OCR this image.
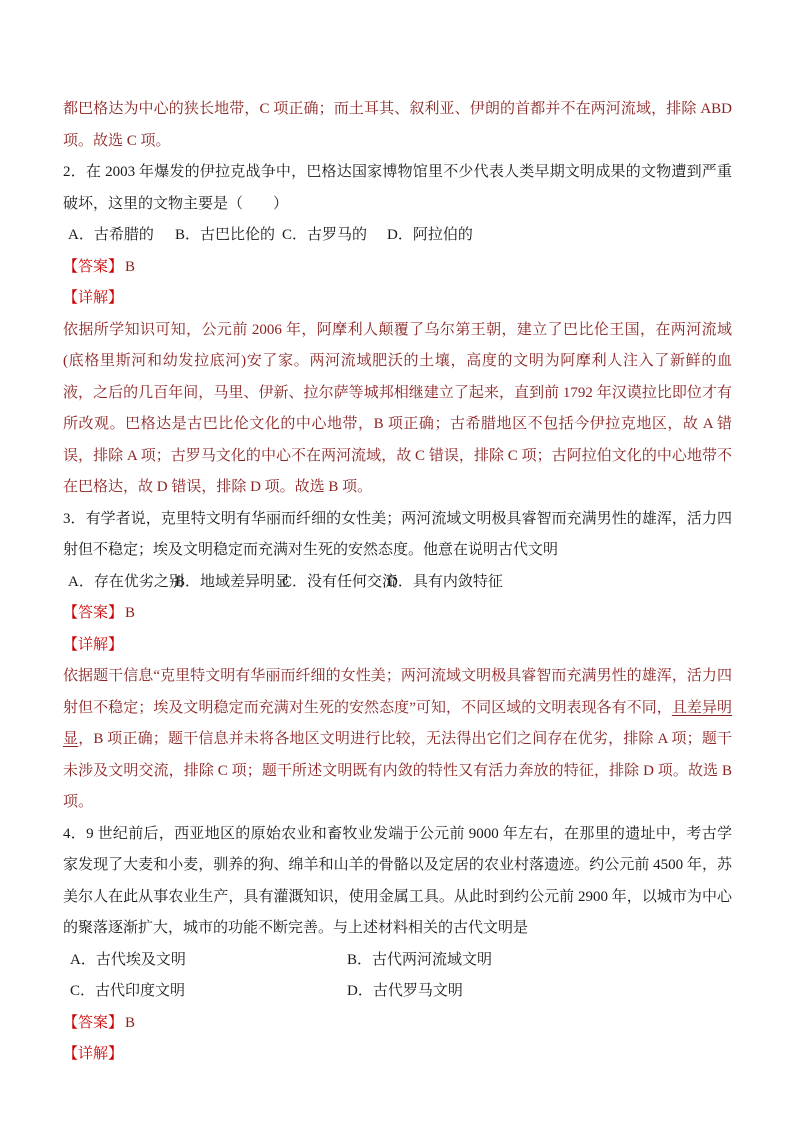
都巴格达为中心的狭长地带，C 项正确；而土耳其、叙利亚、伊朗的首都并不在两河流域，排除 ABD 项。故选 C 项。

2．在 2003 年爆发的伊拉克战争中，巴格达国家博物馆里不少代表人类早期文明成果的文物遭到严重破坏，这里的文物主要是（　　）

A．古希腊的	B．古巴比伦的 C．古罗马的	D．阿拉伯的

【答案】 B

【详解】

依据所学知识可知，公元前 2006 年，阿摩利人颠覆了乌尔第王朝，建立了巴比伦王国，在两河流域(底格里斯河和幼发拉底河)安了家。两河流域肥沃的土壤，高度的文明为阿摩利人注入了新鲜的血液，之后的几百年间，马里、伊新、拉尔萨等城邦相继建立了起来，直到前 1792 年汉谟拉比即位才有所改观。巴格达是古巴比伦文化的中心地带，B 项正确；古希腊地区不包括今伊拉克地区，故 A 错误，排除 A 项；古罗马文化的中心不在两河流域，故 C 错误，排除 C 项；古阿拉伯文化的中心地带不在巴格达，故 D 错误，排除 D 项。故选 B 项。

3．有学者说，克里特文明有华丽而纤细的女性美；两河流域文明极具睿智而充满男性的雄浑，活力四射但不稳定；埃及文明稳定而充满对生死的安然态度。他意在说明古代文明

A．存在优劣之别
B．地域差异明显
C．没有任何交流
D．具有内敛特征

【答案】 B

【详解】

依据题干信息“克里特文明有华丽而纤细的女性美；两河流域文明极具睿智而充满男性的雄浑，活力四射但不稳定；埃及文明稳定而充满对生死的安然态度”可知，不同区域的文明表现各有不同，且差异明显，B 项正确；题干信息并未将各地区文明进行比较，无法得出它们之间存在优劣，排除 A 项；题干未涉及文明交流，排除 C 项；题干所述文明既有内敛的特性又有活力奔放的特征，排除 D 项。故选 B 项。

4．9 世纪前后，西亚地区的原始农业和畜牧业发端于公元前 9000 年左右，在那里的遗址中，考古学家发现了大麦和小麦，驯养的狗、绵羊和山羊的骨骼以及定居的农业村落遗迹。约公元前 4500 年，苏美尔人在此从事农业生产，具有灌溉知识，使用金属工具。从此时到约公元前 2900 年，以城市为中心的聚落逐渐扩大，城市的功能不断完善。与上述材料相关的古代文明是

A．古代埃及文明	B．古代两河流域文明
C．古代印度文明	D．古代罗马文明

【答案】 B

【详解】
